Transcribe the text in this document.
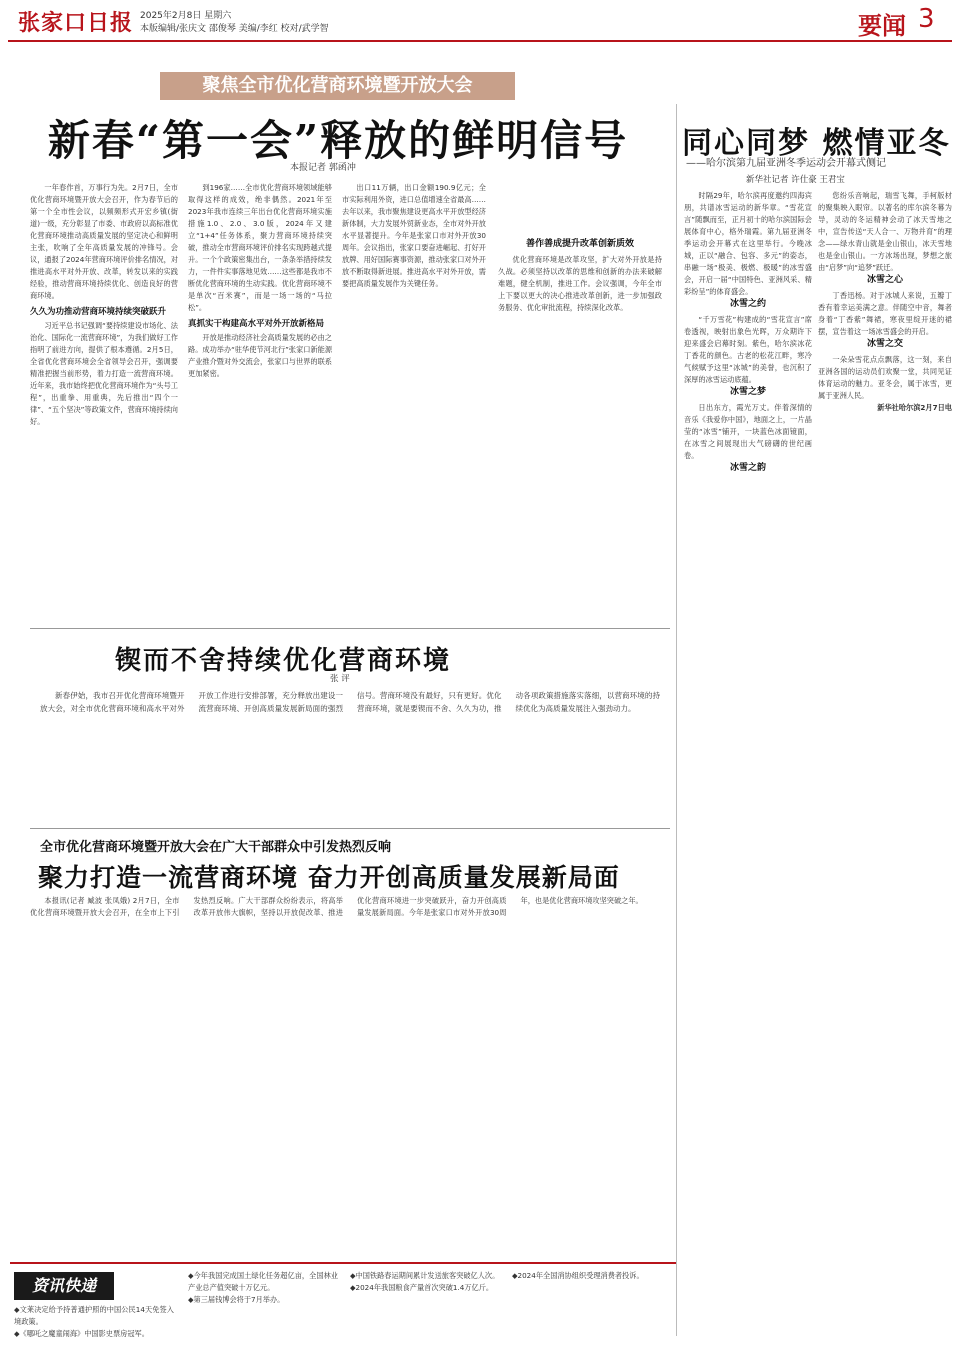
张家口日报 2025年2月8日 星期六
本版编辑/张庆文 邵俊琴 美编/李红 校对/武学智	要闻 3
聚焦全市优化营商环境暨开放大会
新春“第一会”释放的鲜明信号
本报记者 郭函冲

一年春作首，万事行为先。2月7日，全市优化营商环境暨开放大会召开，作为春节后的第一个全市性会议，以频频形式开宏乡镇(街道)一级，充分彰显了市委、市政府以高标准优化营商环境推动高质量发展的坚定决心和鲜明主张，吹响了全年高质量发展的冲锋号。会议，通报了2024年营商环境评价排名情况，对推进高水平对外开放、改革，转发以来的实践经验，推动营商环境持续优化、创造良好的营商环境。

久久为功推动营商环境持续突破跃升

习近平总书记强调“要持续建设市场化、法治化、国际化一流营商环境”，为我们做好工作指明了前进方向，提供了根本遵循。2月5日，全省优化营商环境会全省领导会召开，强调要精准把握当前形势，着力打造一流营商环境。近年来，我市始终把优化营商环境作为“头号工程”，出重拳、用重典，先后推出“四个一律”、“五个坚决”等政策文件，营商环境持续向好。

到196家……全市优化营商环境领域能够取得这样的成效，绝非偶然。2021年至2023年我市连续三年出台优化营商环境实施措施1.0、2.0、3.0版，2024年又建立“1+4”任务体系，聚力营商环境持续突破，推动全市营商环境评价排名实现跨越式提升。一个个政策密集出台，一条条举措持续发力，一件件实事落地见效……这些都是我市不断优化营商环境的生动实践。优化营商环境不是单次“百米赛”，而是一场一场的“马拉松”。

真抓实干构建高水平对外开放新格局

开放是推动经济社会高质量发展的必由之路。成功举办“驻华使节河北行”张家口新能源产业推介暨对外交流会，张家口与世界的联系更加紧密。

出口11万辆，出口金额190.9亿元；全市实际利用外资，进口总值增速全省最高……去年以来，我市聚焦建设更高水平开放型经济新体制，大力发展外贸新业态，全市对外开放水平显著提升。今年是张家口市对外开放30周年。会议指出，张家口要奋进崛起、打好开放牌、用好国际赛事资源，推动张家口对外开放不断取得新进展。推进高水平对外开放，需要把高质量发展作为关键任务。

善作善成提升改革创新质效

优化营商环境是改革攻坚，扩大对外开放是持久战。必须坚持以改革的思维和创新的办法来破解难题，健全机制，推进工作。会议强调，今年全市上下要以更大的决心推进改革创新，进一步加强政务服务、优化审批流程，持续深化改革。

锲而不舍持续优化营商环境
张 评

新春伊始，我市召开优化营商环境暨开放大会，对全市优化营商环境和高水平对外开放工作进行安排部署，充分释放出建设一流营商环境、开创高质量发展新局面的强烈信号。营商环境没有最好，只有更好。优化营商环境，就是要锲而不舍、久久为功，推动各项政策措施落实落细，以营商环境的持续优化为高质量发展注入强劲动力。

全市优化营商环境暨开放大会在广大干部群众中引发热烈反响
聚力打造一流营商环境 奋力开创高质量发展新局面

本报讯(记者 臧波 张凤娥) 2月7日，全市优化营商环境暨开放大会召开，在全市上下引发热烈反响。广大干部群众纷纷表示，将高举改革开放伟大旗帜，坚持以开放促改革、推进优化营商环境进一步突破跃升，奋力开创高质量发展新局面。今年是张家口市对外开放30周年，也是优化营商环境攻坚突破之年。

同心同梦 燃情亚冬
——哈尔滨第九届亚洲冬季运动会开幕式侧记
新华社记者 许仕豪 王君宝

时隔29年，哈尔滨再度邀约四海宾朋，共谱冰雪运动的新华章。“雪花宣言”随飘而至，正月初十的哈尔滨国际会展体育中心，格外瑞霞。第九届亚洲冬季运动会开幕式在这里举行。今晚冰城，正以“融合、包容、多元”的姿态，串融一场“极美、极燃、极暖”的冰雪盛会，开启一届“中国特色、亚洲风采、精彩纷呈”的体育盛会。

冰雪之约

“千万雪花”构建成的“雪花宣言”席卷透视，映射出象色光晖，万众期许下迎来盛会启幕时刻。紫色，哈尔滨冰花丁香花的颜色。古老的松花江畔，寒冷气候赋予这里“冰城”的美誉，也沉积了深厚的冰雪运动底蕴。

冰雪之梦

日出东方，霞光万丈。伴着深情的音乐《我爱你中国》，地面之上，一片晶莹的“冰雪”铺开，一块蓝色冰面镜面，在冰雪之间展现出大气磅礴的世纪画卷。

冰雪之韵

您纷乐音响起，瑞雪飞舞，手柯版材的聚集映入眼帘。以著名的库尔滨冬幕为导，灵动的冬运精神会动了冰天雪地之中，宣告传送“天人合一、万物并育”的理念——绿水青山就是金山银山，冰天雪地也是金山银山。一方冰场出现，梦想之旅由“启梦”向“追梦”跃迁。

冰雪之心

丁香迅杨。对于冰城人来说，五瓣丁香有着幸运美满之意。伴随空中音，舞者身着“丁香紫”舞裙，寒夜里绽开迷的裙摆，宣告着这一场冰雪盛会的开启。

冰雪之交

一朵朵雪花点点飘落，这一刻，来自亚洲各国的运动员们欢聚一堂，共同见证体育运动的魅力。亚冬会，属于冰雪，更属于亚洲人民。

新华社哈尔滨2月7日电

资讯快递
◆文莱决定给予持普通护照的中国公民14天免签入境政策。
◆《哪吒之魔童闹海》中国影史票房冠军。
◆今年我国完成国土绿化任务超亿亩，全国林业产业总产值突破十万亿元。
◆第三届钱博会将于7月举办。
◆中国铁路春运期间累计发送旅客突破亿人次。
◆2024年我国粮食产量首次突破1.4万亿斤。
◆2024年全国消协组织受理消费者投诉。
